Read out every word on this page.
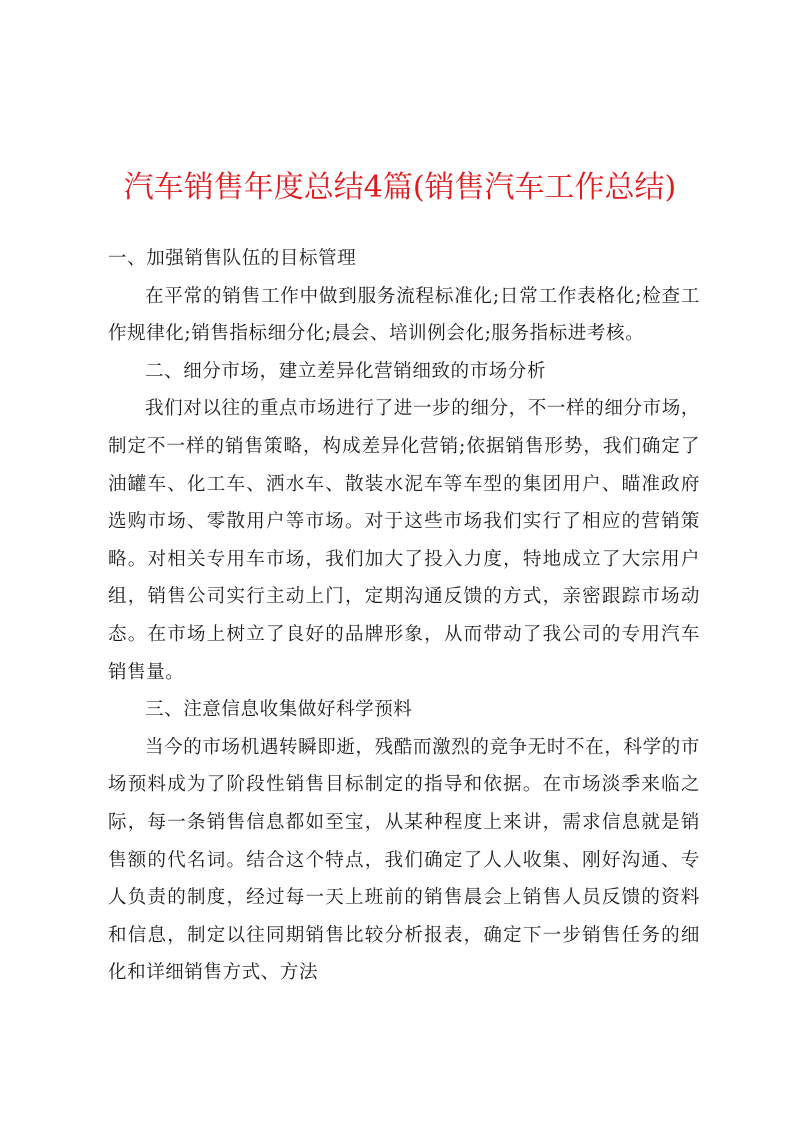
汽车销售年度总结4篇(销售汽车工作总结)

一、加强销售队伍的目标管理

在平常的销售工作中做到服务流程标准化;日常工作表格化;检查工作规律化;销售指标细分化;晨会、培训例会化;服务指标进考核。

二、细分市场，建立差异化营销细致的市场分析

我们对以往的重点市场进行了进一步的细分，不一样的细分市场，制定不一样的销售策略，构成差异化营销;依据销售形势，我们确定了油罐车、化工车、洒水车、散装水泥车等车型的集团用户、瞄准政府选购市场、零散用户等市场。对于这些市场我们实行了相应的营销策略。对相关专用车市场，我们加大了投入力度，特地成立了大宗用户组，销售公司实行主动上门，定期沟通反馈的方式，亲密跟踪市场动态。在市场上树立了良好的品牌形象，从而带动了我公司的专用汽车销售量。

三、注意信息收集做好科学预料

当今的市场机遇转瞬即逝，残酷而激烈的竞争无时不在，科学的市场预料成为了阶段性销售目标制定的指导和依据。在市场淡季来临之际，每一条销售信息都如至宝，从某种程度上来讲，需求信息就是销售额的代名词。结合这个特点，我们确定了人人收集、刚好沟通、专人负责的制度，经过每一天上班前的销售晨会上销售人员反馈的资料和信息，制定以往同期销售比较分析报表，确定下一步销售任务的细化和详细销售方式、方法
